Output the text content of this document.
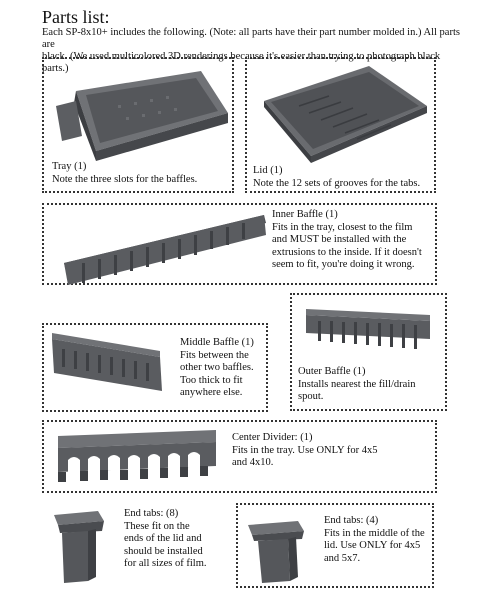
Parts list:
Each SP-8x10+ includes the following. (Note: all parts have their part number molded in.) All parts are
black. (We used multicolored 3D renderings because it's easier than trying to photograph black parts.)
Tray (1)
Note the three slots for the baffles.
Lid (1)
Note the 12 sets of grooves for the tabs.
Inner Baffle (1)
Fits in the tray, closest to the film
and MUST be installed with the
extrusions to the inside. If it doesn't
seem to fit, you're doing it wrong.
Outer Baffle (1)
Installs nearest the fill/drain
spout.
Middle Baffle (1)
Fits between the
other two baffles.
Too thick to fit
anywhere else.
Center Divider: (1)
Fits in the tray. Use ONLY for 4x5
and 4x10.
End tabs: (8)
These fit on the
ends of the lid and
should be installed
for all sizes of film.
End tabs: (4)
Fits in the middle of the
lid. Use ONLY for 4x5
and 5x7.
